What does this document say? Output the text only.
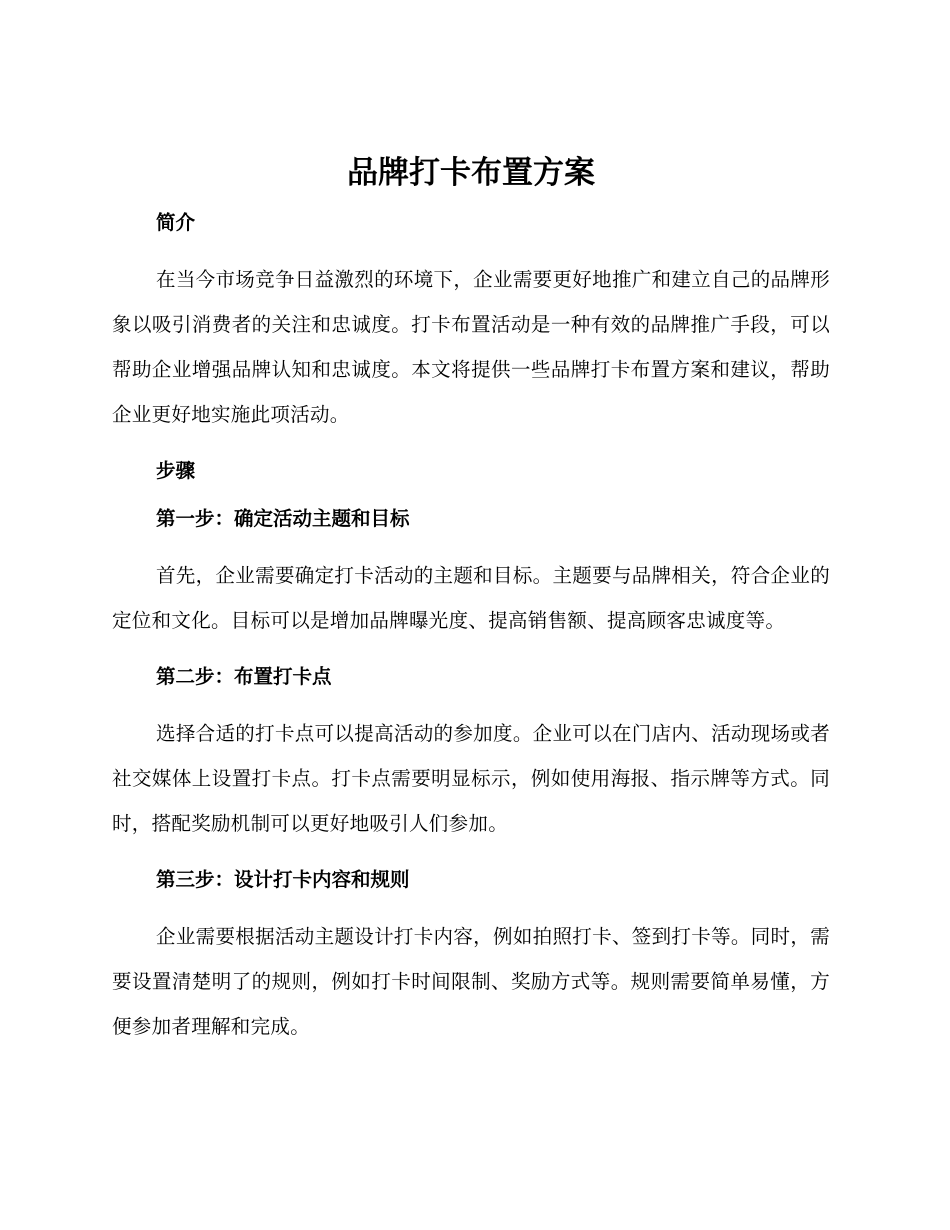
品牌打卡布置方案
简介

在当今市场竞争日益激烈的环境下，企业需要更好地推广和建立自己的品牌形象以吸引消费者的关注和忠诚度。打卡布置活动是一种有效的品牌推广手段，可以帮助企业增强品牌认知和忠诚度。本文将提供一些品牌打卡布置方案和建议，帮助企业更好地实施此项活动。

步骤
第一步：确定活动主题和目标

首先，企业需要确定打卡活动的主题和目标。主题要与品牌相关，符合企业的定位和文化。目标可以是增加品牌曝光度、提高销售额、提高顾客忠诚度等。

第二步：布置打卡点

选择合适的打卡点可以提高活动的参加度。企业可以在门店内、活动现场或者社交媒体上设置打卡点。打卡点需要明显标示，例如使用海报、指示牌等方式。同时，搭配奖励机制可以更好地吸引人们参加。

第三步：设计打卡内容和规则

企业需要根据活动主题设计打卡内容，例如拍照打卡、签到打卡等。同时，需要设置清楚明了的规则，例如打卡时间限制、奖励方式等。规则需要简单易懂，方便参加者理解和完成。
